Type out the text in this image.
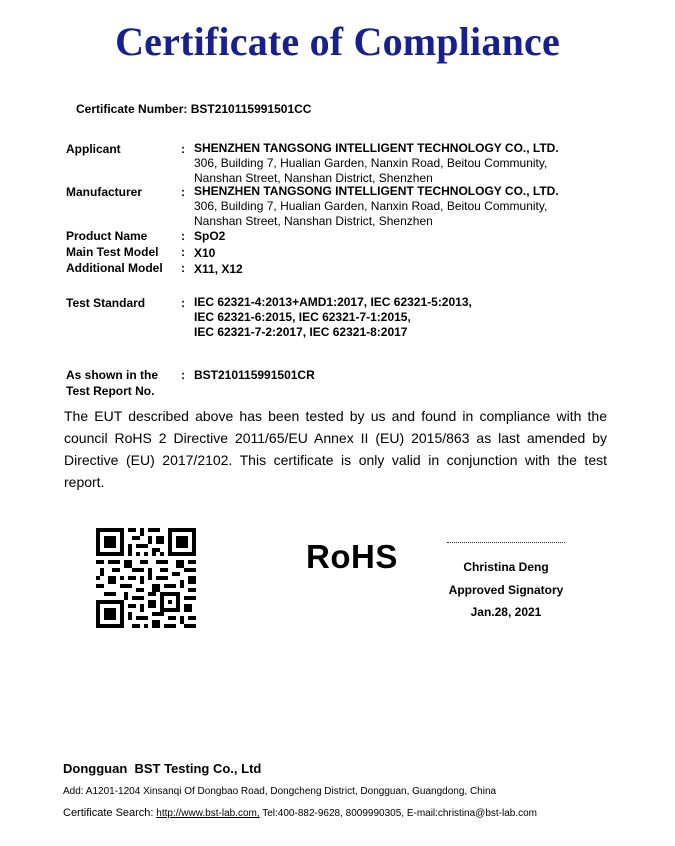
Certificate of Compliance
Certificate Number: BST210115991501CC
Applicant	: SHENZHEN TANGSONG INTELLIGENT TECHNOLOGY CO., LTD.
306, Building 7, Hualian Garden, Nanxin Road, Beitou Community,
Nanshan Street, Nanshan District, Shenzhen
Manufacturer	: SHENZHEN TANGSONG INTELLIGENT TECHNOLOGY CO., LTD.
306, Building 7, Hualian Garden, Nanxin Road, Beitou Community,
Nanshan Street, Nanshan District, Shenzhen
Product Name	: SpO2
Main Test Model : X10
Additional Model : X11, X12
Test Standard	: IEC 62321-4:2013+AMD1:2017, IEC 62321-5:2013,
IEC 62321-6:2015, IEC 62321-7-1:2015,
IEC 62321-7-2:2017, IEC 62321-8:2017
As shown in the
Test Report No.
: BST210115991501CR
The EUT described above has been tested by us and found in compliance with the council RoHS 2 Directive 2011/65/EU Annex II (EU) 2015/863 as last amended by Directive (EU) 2017/2102. This certificate is only valid in conjunction with the test report.
RoHS	Christina Deng
Approved Signatory
Jan.28, 2021
Dongguan  BST Testing Co., Ltd
Add: A1201-1204 Xinsanqi Of Dongbao Road, Dongcheng District, Dongguan, Guangdong, China
Certificate Search: http://www.bst-lab.com, Tel:400-882-9628, 8009990305, E-mail:christina@bst-lab.com
